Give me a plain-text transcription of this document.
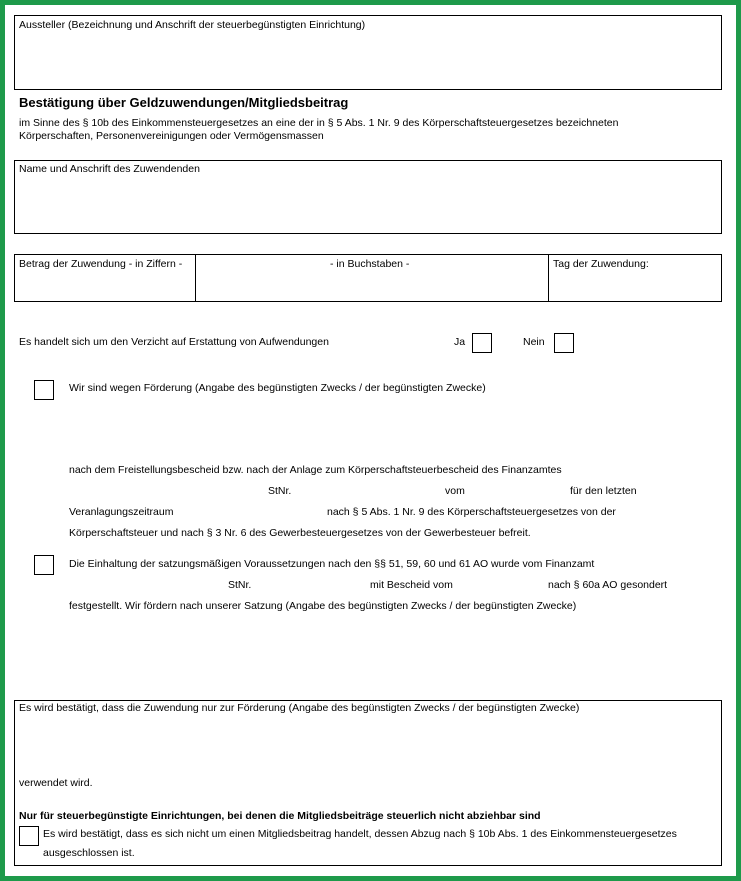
Aussteller (Bezeichnung und Anschrift der steuerbegünstigten Einrichtung)
Bestätigung über Geldzuwendungen/Mitgliedsbeitrag
im Sinne des § 10b des Einkommensteuergesetzes an eine der in § 5 Abs. 1 Nr. 9 des Körperschaftsteuergesetzes bezeichneten
Körperschaften, Personenvereinigungen oder Vermögensmassen
Name und Anschrift des Zuwendenden
Betrag der Zuwendung - in Ziffern -	- in Buchstaben -	Tag der Zuwendung:
Es handelt sich um den Verzicht auf Erstattung von Aufwendungen	Ja	Nein
Wir sind wegen Förderung (Angabe des begünstigten Zwecks / der begünstigten Zwecke)
nach dem Freistellungsbescheid bzw. nach der Anlage zum Körperschaftsteuerbescheid des Finanzamtes
StNr.	vom	für den letzten
Veranlagungszeitraum	nach § 5 Abs. 1 Nr. 9 des Körperschaftsteuergesetzes von der
Körperschaftsteuer und nach § 3 Nr. 6 des Gewerbesteuergesetzes von der Gewerbesteuer befreit.
Die Einhaltung der satzungsmäßigen Voraussetzungen nach den §§ 51, 59, 60 und 61 AO wurde vom Finanzamt
StNr.	mit Bescheid vom	nach § 60a AO gesondert
festgestellt. Wir fördern nach unserer Satzung (Angabe des begünstigten Zwecks / der begünstigten Zwecke)
Es wird bestätigt, dass die Zuwendung nur zur Förderung (Angabe des begünstigten Zwecks / der begünstigten Zwecke)
verwendet wird.
Nur für steuerbegünstigte Einrichtungen, bei denen die Mitgliedsbeiträge steuerlich nicht abziehbar sind
Es wird bestätigt, dass es sich nicht um einen Mitgliedsbeitrag handelt, dessen Abzug nach § 10b Abs. 1 des Einkommensteuergesetzes
ausgeschlossen ist.
